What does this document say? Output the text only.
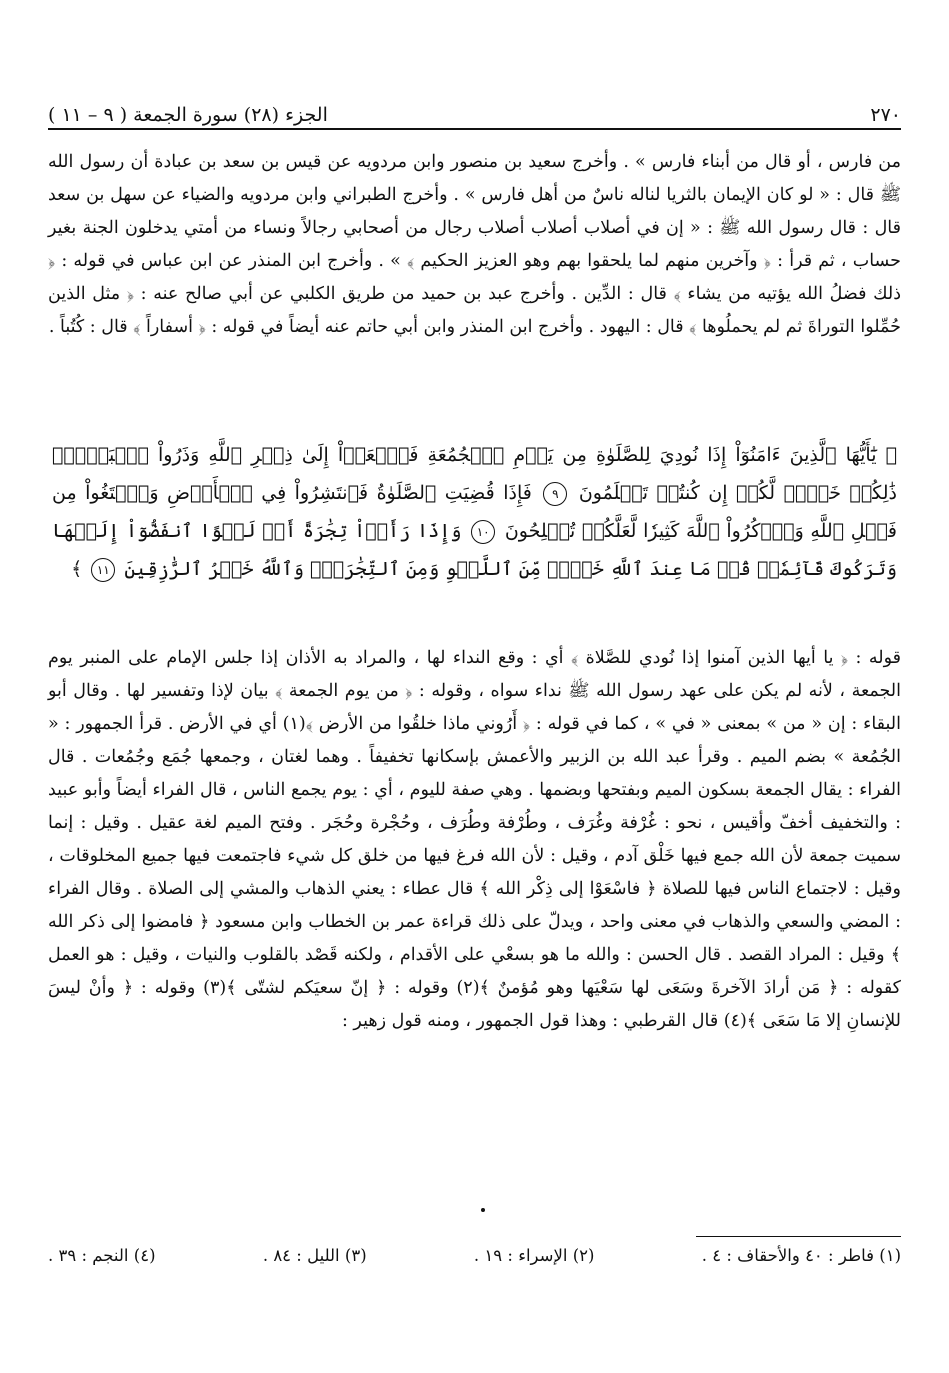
٢٧٠
الجزء (٢٨) سورة الجمعة ( ٩ – ١١ )

من فارس ، أو قال من أبناء فارس » . وأخرج سعيد بن منصور وابن مردويه عن قيس بن سعد بن عبادة أن رسول الله ﷺ قال : « لو كان الإيمان بالثريا لناله ناسٌ من أهل فارس » . وأخرج الطبراني وابن مردويه والضياء عن سهل بن سعد قال : قال رسول الله ﷺ : « إن في أصلاب أصلاب أصلاب رجال من أصحابي رجالاً ونساء من أمتي يدخلون الجنة بغير حساب ، ثم قرأ : ﴿ وآخرين منهم لما يلحقوا بهم وهو العزيز الحكيم ﴾ » . وأخرج ابن المنذر عن ابن عباس في قوله : ﴿ ذلك فضلُ الله يؤتيه من يشاء ﴾ قال : الدِّين . وأخرج عبد بن حميد من طريق الكلبي عن أبي صالح عنه : ﴿ مثل الذين حُمِّلوا التوراةَ ثم لم يحملُوها ﴾ قال : اليهود . وأخرج ابن المنذر وابن أبي حاتم عنه أيضاً في قوله : ﴿ أسفاراً ﴾ قال : كُتُباً .

﴿ يَٰٓأَيُّهَا ٱلَّذِينَ ءَامَنُوٓاْ إِذَا نُودِيَ لِلصَّلَوٰةِ مِن يَوۡمِ ٱلۡجُمُعَةِ فَٱسۡعَوۡاْ إِلَىٰ ذِكۡرِ ٱللَّهِ وَذَرُواْ ٱلۡبَيۡعَۚ ذَٰلِكُمۡ خَيۡرٞ لَّكُمۡ إِن كُنتُمۡ تَعۡلَمُونَ ٩ فَإِذَا قُضِيَتِ ٱلصَّلَوٰةُ فَٱنتَشِرُواْ فِي ٱلۡأَرۡضِ وَٱبۡتَغُواْ مِن فَضۡلِ ٱللَّهِ وَٱذۡكُرُواْ ٱللَّهَ كَثِيرٗا لَّعَلَّكُمۡ تُفۡلِحُونَ ١٠ وَإِذَا رَأَوۡاْ تِجَٰرَةً أَوۡ لَهۡوًا ٱنفَضُّوٓاْ إِلَيۡهَا وَتَرَكُوكَ قَآئِمٗاۚ قُلۡ مَا عِندَ ٱللَّهِ خَيۡرٞ مِّنَ ٱللَّهۡوِ وَمِنَ ٱلتِّجَٰرَةِۚ وَٱللَّهُ خَيۡرُ ٱلرَّٰزِقِينَ ١١ ﴾

قوله : ﴿ يا أيها الذين آمنوا إذا نُودي للصَّلاة ﴾ أي : وقع النداء لها ، والمراد به الأذان إذا جلس الإمام على المنبر يوم الجمعة ، لأنه لم يكن على عهد رسول الله ﷺ نداء سواه ، وقوله : ﴿ من يوم الجمعة ﴾ بيان لإذا وتفسير لها . وقال أبو البقاء : إن « من » بمعنى « في » ، كما في قوله : ﴿ أَرُوني ماذا خلقُوا من الأرض ﴾(١) أي في الأرض . قرأ الجمهور : « الجُمُعة » بضم الميم . وقرأ عبد الله بن الزبير والأعمش بإسكانها تخفيفاً . وهما لغتان ، وجمعها جُمَع وجُمُعات . قال الفراء : يقال الجمعة بسكون الميم وبفتحها وبضمها . وهي صفة لليوم ، أي : يوم يجمع الناس ، قال الفراء أيضاً وأبو عبيد : والتخفيف أخفّ وأقيس ، نحو : غُرْفة وغُرَف ، وطُرْفة وطُرَف ، وحُجْرة وحُجَر . وفتح الميم لغة عقيل . وقيل : إنما سميت جمعة لأن الله جمع فيها خَلْق آدم ، وقيل : لأن الله فرغ فيها من خلق كل شيء فاجتمعت فيها جميع المخلوقات ، وقيل : لاجتماع الناس فيها للصلاة ﴿ فاسْعَوْا إلى ذِكْر الله ﴾ قال عطاء : يعني الذهاب والمشي إلى الصلاة . وقال الفراء : المضي والسعي والذهاب في معنى واحد ، ويدلّ على ذلك قراءة عمر بن الخطاب وابن مسعود ﴿ فامضوا إلى ذكر الله ﴾ وقيل : المراد القصد . قال الحسن : والله ما هو بسعْي على الأقدام ، ولكنه قَصْد بالقلوب والنيات ، وقيل : هو العمل كقوله : ﴿ مَن أرادَ الآخرةَ وسَعَى لها سَعْيَها وهو مُؤمنٌ ﴾(٢) وقوله : ﴿ إنّ سعيَكم لشتّى ﴾(٣) وقوله : ﴿ وأنْ ليسَ للإنسانِ إلا مَا سَعَى ﴾(٤) قال القرطبي : وهذا قول الجمهور ، ومنه قول زهير :

(١) فاطر : ٤٠ والأحقاف : ٤ .
(٢) الإسراء : ١٩ .
(٣) الليل : ٨٤ .
(٤) النجم : ٣٩ .
